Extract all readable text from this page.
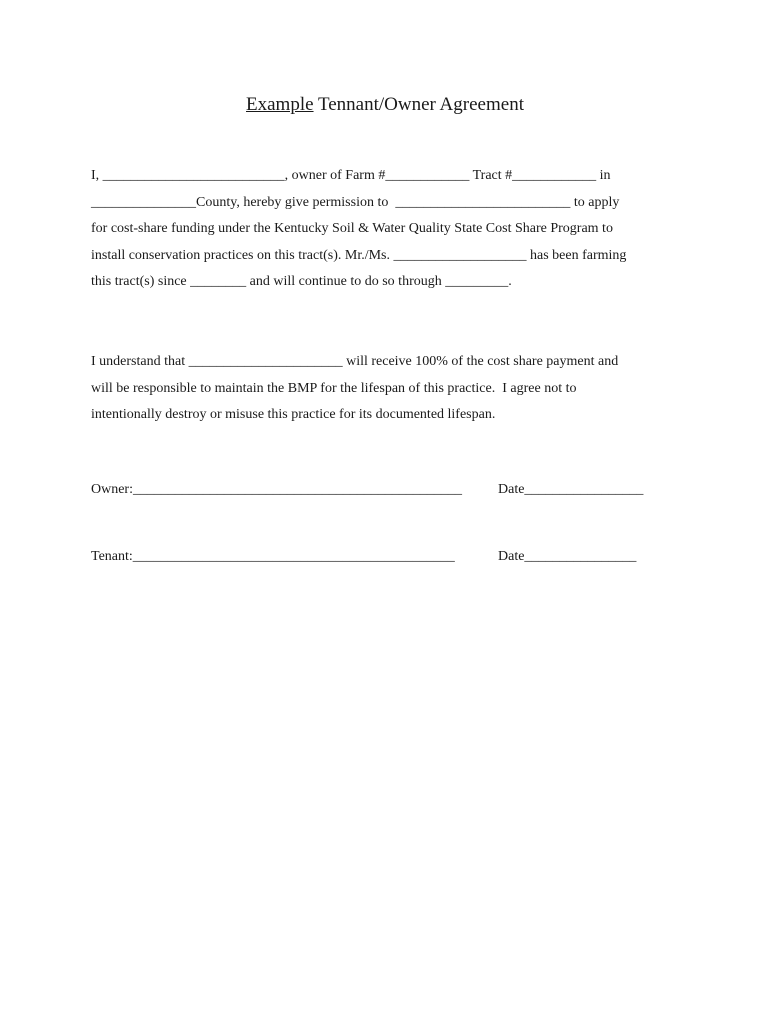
Example Tennant/Owner Agreement
I, __________________________, owner of Farm #____________ Tract #____________ in
_______________County, hereby give permission to  _________________________ to apply
for cost-share funding under the Kentucky Soil & Water Quality State Cost Share Program to
install conservation practices on this tract(s). Mr./Ms. ___________________ has been farming
this tract(s) since ________ and will continue to do so through _________.
I understand that ______________________ will receive 100% of the cost share payment and
will be responsible to maintain the BMP for the lifespan of this practice.  I agree not to
intentionally destroy or misuse this practice for its documented lifespan.
Owner:_______________________________________________	Date_________________
Tenant:______________________________________________	Date________________
